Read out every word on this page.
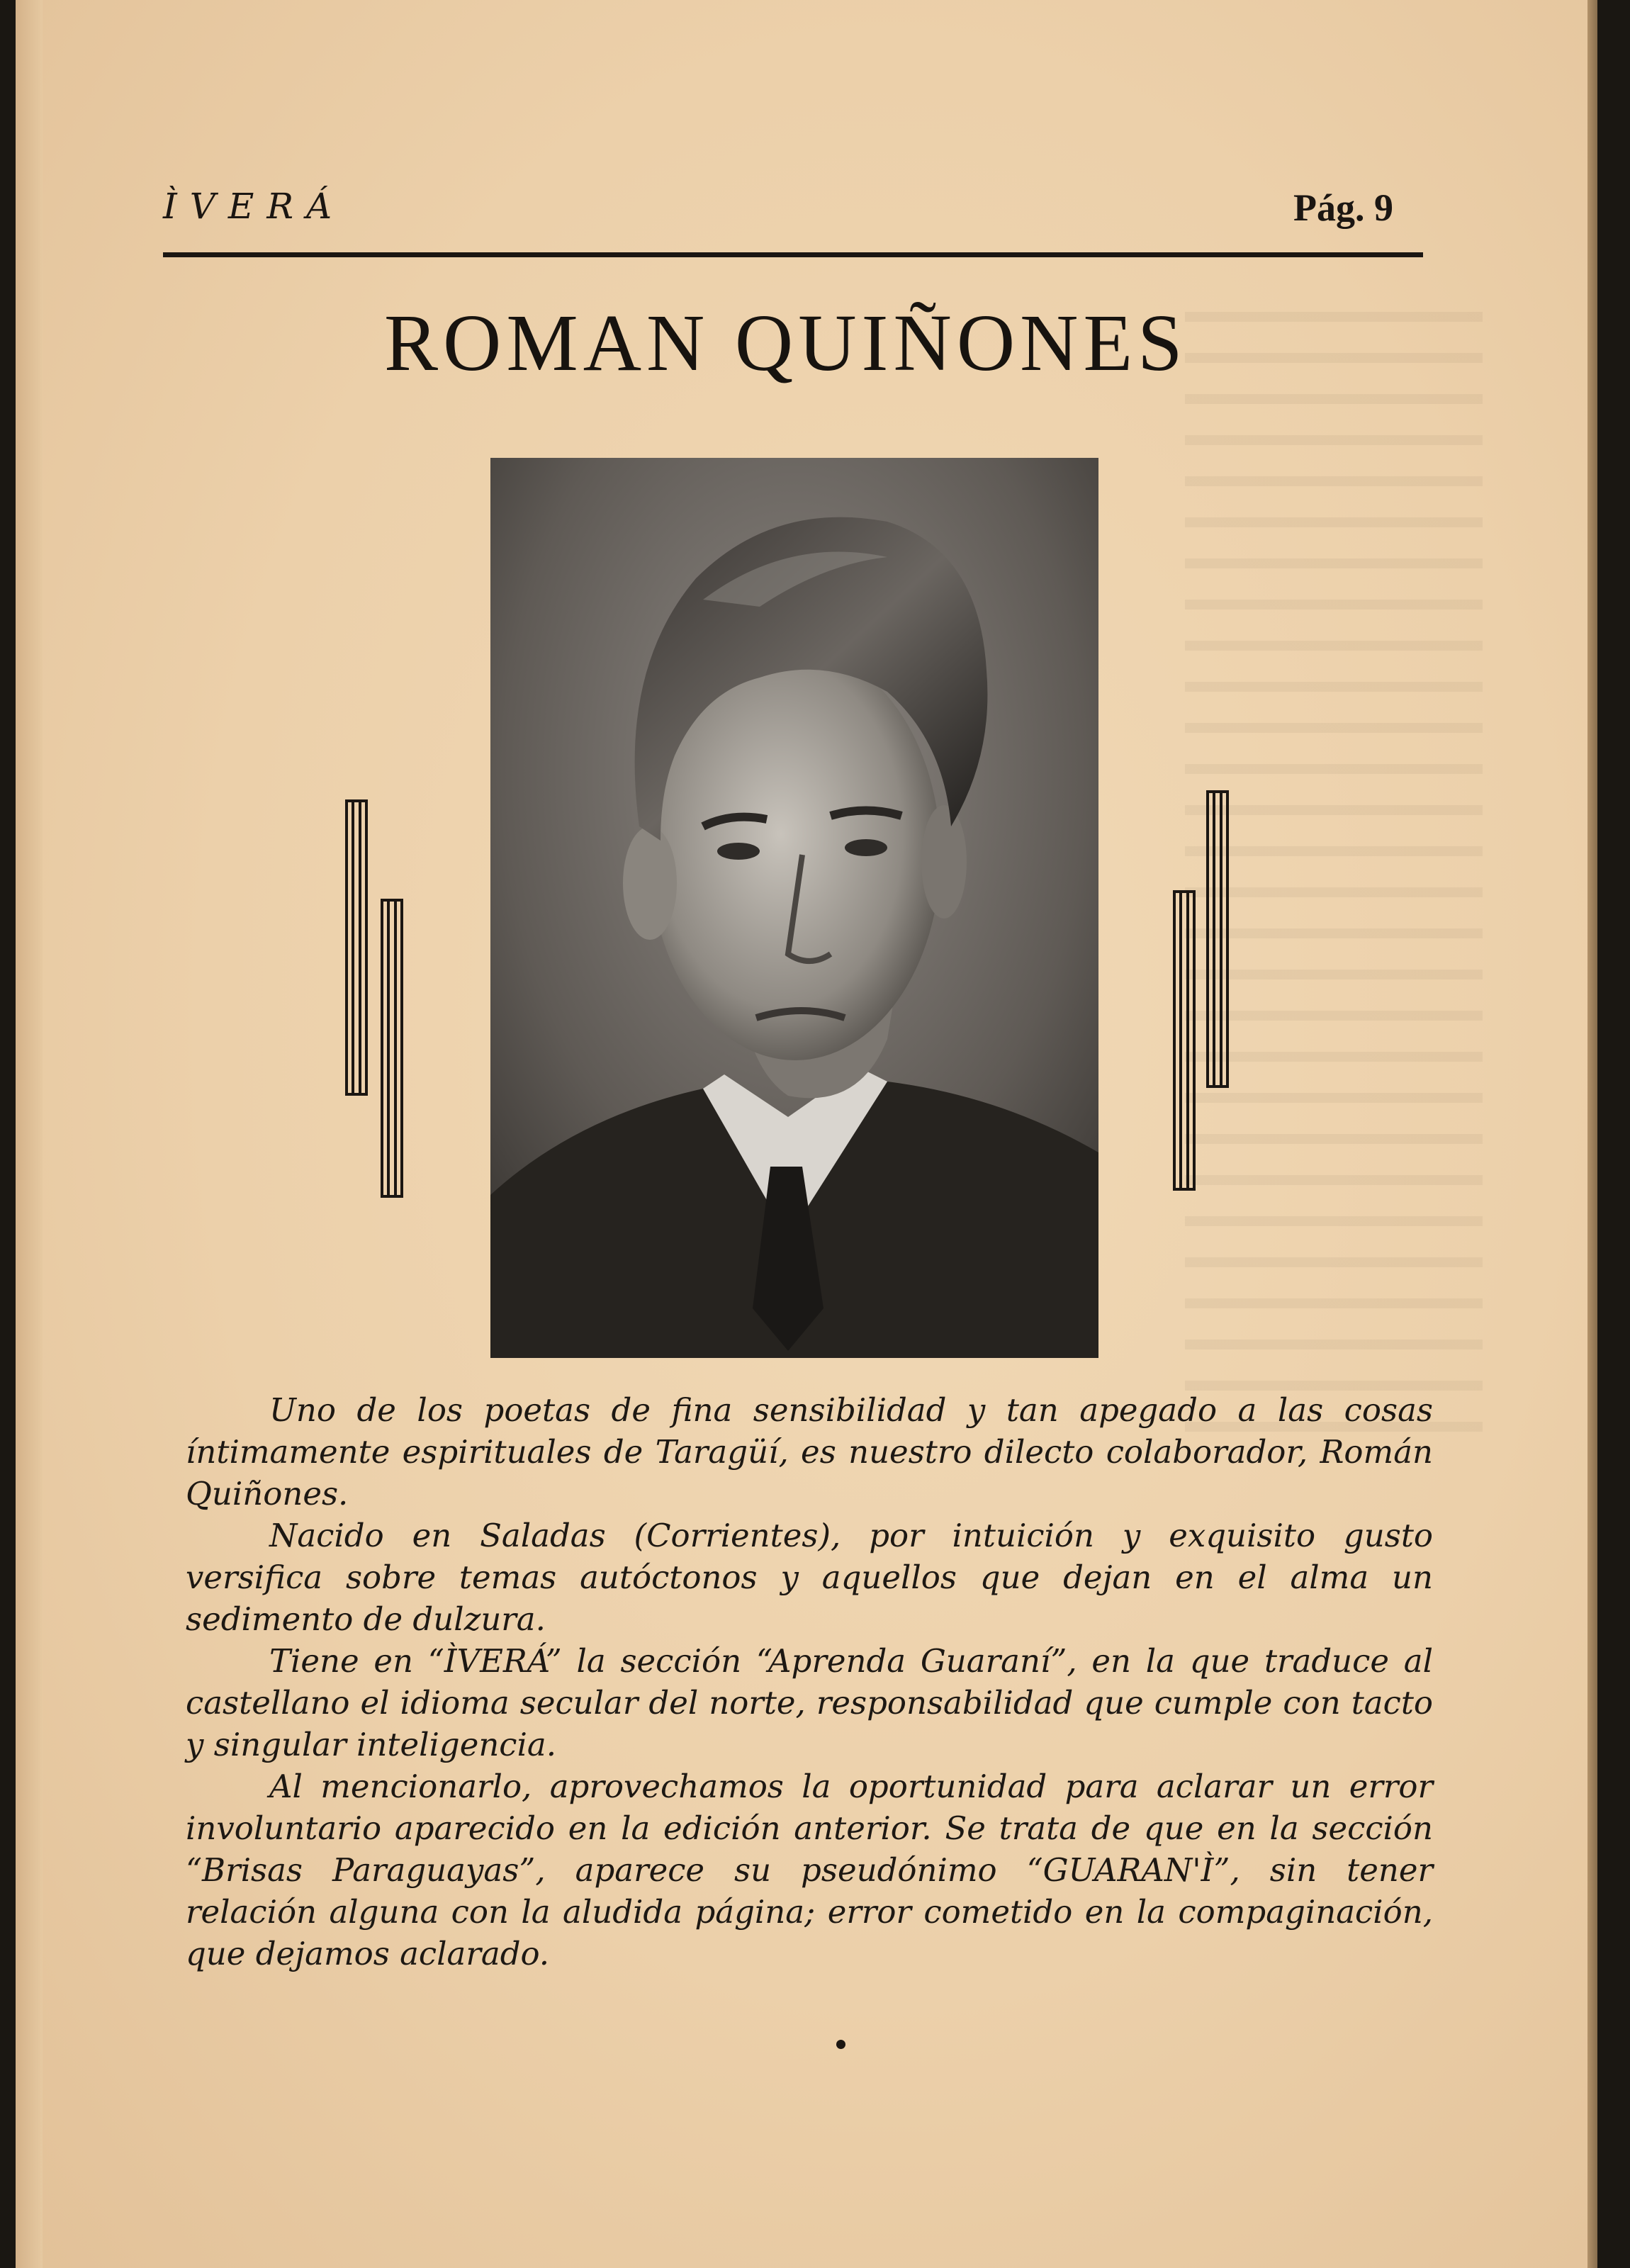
ÌVERÁ	Pág. 9
ROMAN QUIÑONES

Uno de los poetas de fina sensibilidad y tan apegado a las cosas íntimamente espirituales de Taragüí, es nuestro dilecto colaborador, Román Quiñones.

Nacido en Saladas (Corrientes), por intuición y exquisito gusto versifica sobre temas autóctonos y aquellos que dejan en el alma un sedimento de dulzura.

Tiene en “ÌVERÁ” la sección “Aprenda Guaraní”, en la que traduce al castellano el idioma secular del norte, responsabilidad que cumple con tacto y singular inteligencia.

Al mencionarlo, aprovechamos la oportunidad para aclarar un error involuntario aparecido en la edición anterior. Se trata de que en la sección “Brisas Paraguayas”, aparece su pseudónimo “GUARAN'Ì”, sin tener relación alguna con la aludida página; error cometido en la compaginación, que dejamos aclarado.
